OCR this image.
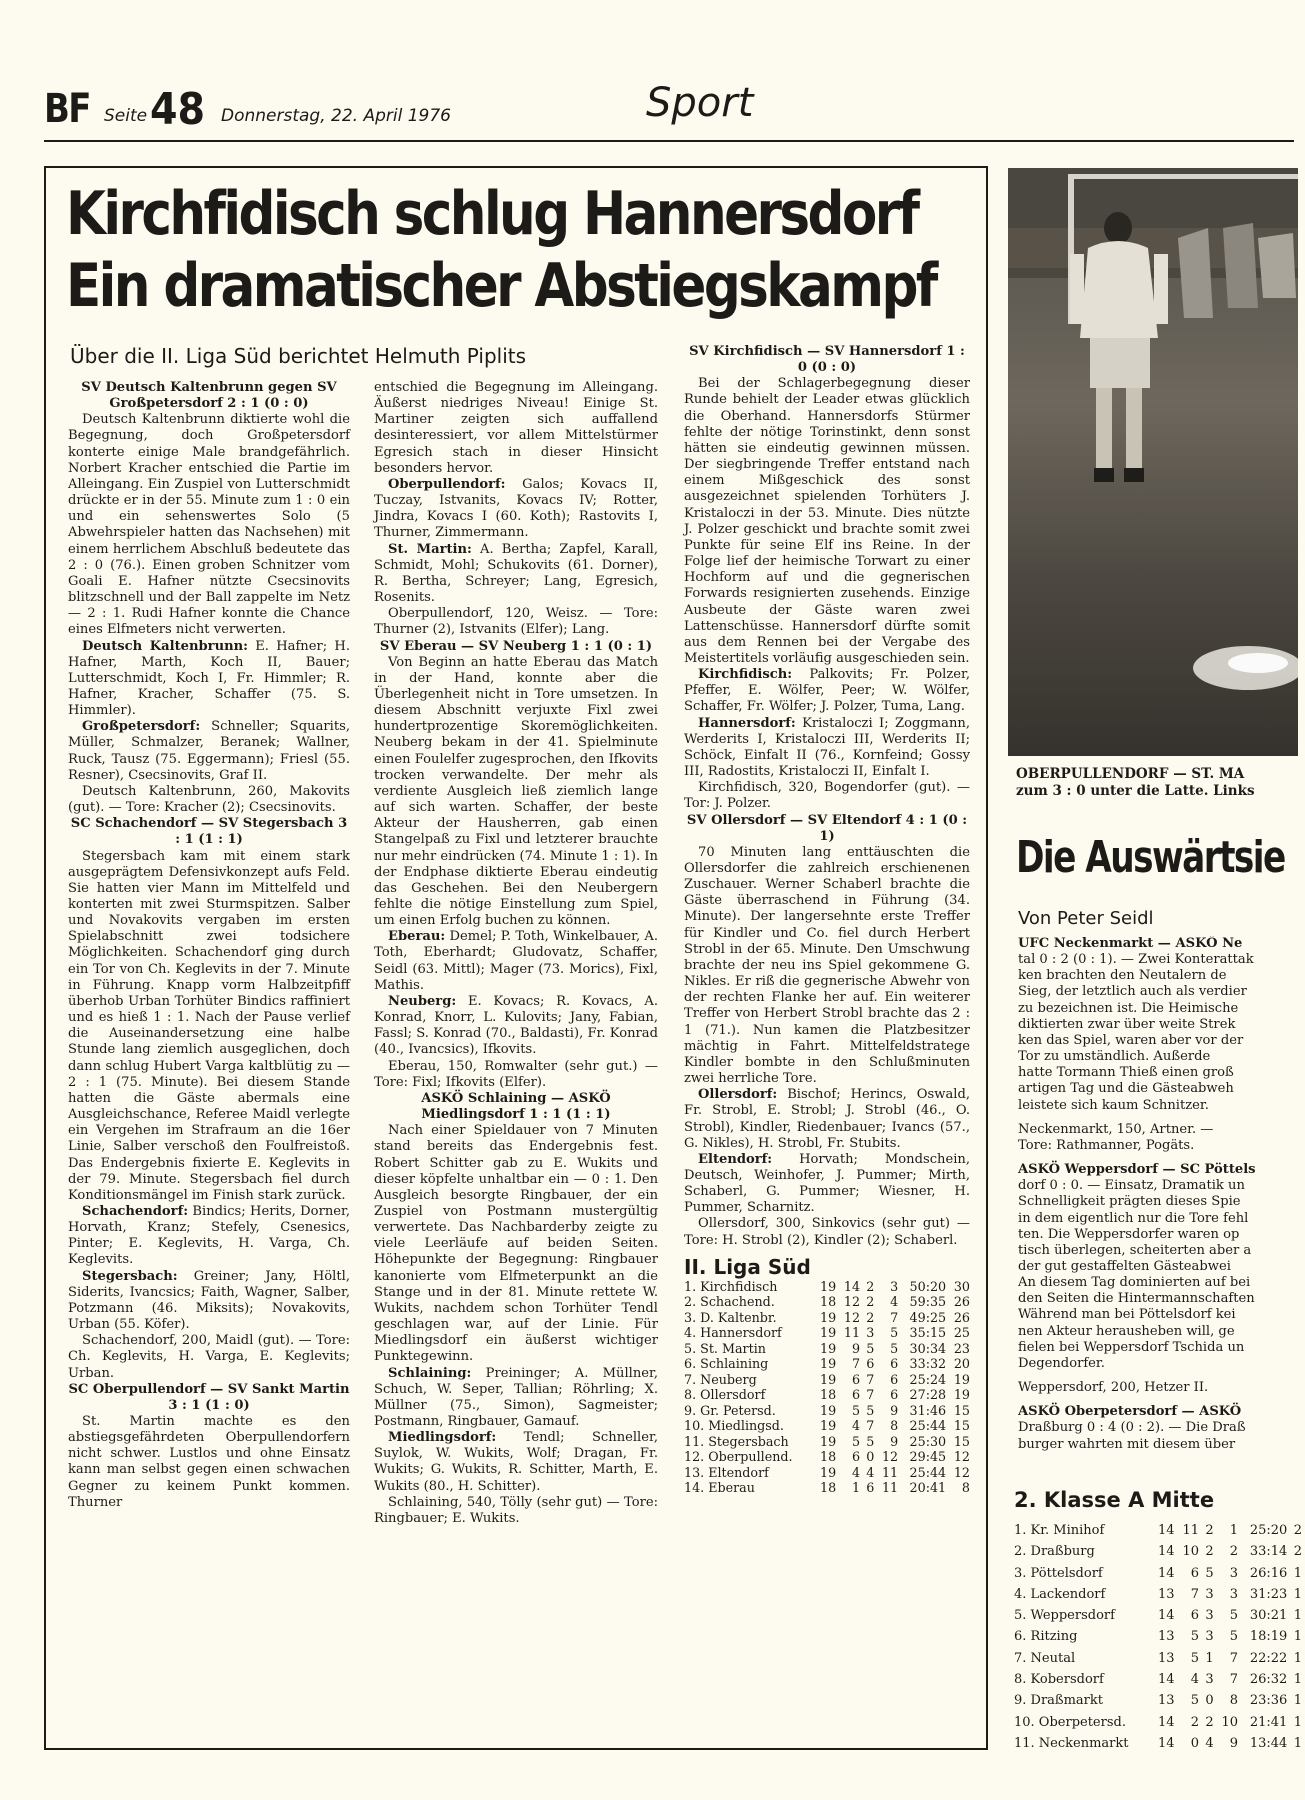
BF Seite 48 Donnerstag, 22. April 1976	Sport
Kirchfidisch schlug Hannersdorf
Ein dramatischer Abstiegskampf
Über die II. Liga Süd berichtet Helmuth Piplits

SV Deutsch Kaltenbrunn gegen SV Großpetersdorf 2 : 1 (0 : 0)

Deutsch Kaltenbrunn diktierte wohl die Begegnung, doch Großpetersdorf konterte einige Male brandgefährlich. Norbert Kracher entschied die Partie im Alleingang. Ein Zuspiel von Lutterschmidt drückte er in der 55. Minute zum 1 : 0 ein und ein sehenswertes Solo (5 Abwehrspieler hatten das Nachsehen) mit einem herrlichem Abschluß bedeutete das 2 : 0 (76.). Einen groben Schnitzer vom Goali E. Hafner nützte Csecsinovits blitzschnell und der Ball zappelte im Netz — 2 : 1. Rudi Hafner konnte die Chance eines Elfmeters nicht verwerten.

Deutsch Kaltenbrunn: E. Hafner; H. Hafner, Marth, Koch II, Bauer; Lutterschmidt, Koch I, Fr. Himmler; R. Hafner, Kracher, Schaffer (75. S. Himmler).

Großpetersdorf: Schneller; Squarits, Müller, Schmalzer, Beranek; Wallner, Ruck, Tausz (75. Eggermann); Friesl (55. Resner), Csecsinovits, Graf II.

Deutsch Kaltenbrunn, 260, Makovits (gut). — Tore: Kracher (2); Csecsinovits.

SC Schachendorf — SV Stegersbach 3 : 1 (1 : 1)

Stegersbach kam mit einem stark ausgeprägtem Defensivkonzept aufs Feld. Sie hatten vier Mann im Mittelfeld und konterten mit zwei Sturmspitzen. Salber und Novakovits vergaben im ersten Spielabschnitt zwei todsichere Möglichkeiten. Schachendorf ging durch ein Tor von Ch. Keglevits in der 7. Minute in Führung. Knapp vorm Halbzeitpfiff überhob Urban Torhüter Bindics raffiniert und es hieß 1 : 1. Nach der Pause verlief die Auseinandersetzung eine halbe Stunde lang ziemlich ausgeglichen, doch dann schlug Hubert Varga kaltblütig zu — 2 : 1 (75. Minute). Bei diesem Stande hatten die Gäste abermals eine Ausgleichschance, Referee Maidl verlegte ein Vergehen im Strafraum an die 16er Linie, Salber verschoß den Foulfreistoß. Das Endergebnis fixierte E. Keglevits in der 79. Minute. Stegersbach fiel durch Konditionsmängel im Finish stark zurück.

Schachendorf: Bindics; Herits, Dorner, Horvath, Kranz; Stefely, Csenesics, Pinter; E. Keglevits, H. Varga, Ch. Keglevits.

Stegersbach: Greiner; Jany, Höltl, Siderits, Ivancsics; Faith, Wagner, Salber, Potzmann (46. Miksits); Novakovits, Urban (55. Köfer).

Schachendorf, 200, Maidl (gut). — Tore: Ch. Keglevits, H. Varga, E. Keglevits; Urban.

SC Oberpullendorf — SV Sankt Martin 3 : 1 (1 : 0)

St. Martin machte es den abstiegsgefährdeten Oberpullendorfern nicht schwer. Lustlos und ohne Einsatz kann man selbst gegen einen schwachen Gegner zu keinem Punkt kommen. Thurner

entschied die Begegnung im Alleingang. Äußerst niedriges Niveau! Einige St. Martiner zeigten sich auffallend desinteressiert, vor allem Mittelstürmer Egresich stach in dieser Hinsicht besonders hervor.

Oberpullendorf: Galos; Kovacs II, Tuczay, Istvanits, Kovacs IV; Rotter, Jindra, Kovacs I (60. Koth); Rastovits I, Thurner, Zimmermann.

St. Martin: A. Bertha; Zapfel, Karall, Schmidt, Mohl; Schukovits (61. Dorner), R. Bertha, Schreyer; Lang, Egresich, Rosenits.

Oberpullendorf, 120, Weisz. — Tore: Thurner (2), Istvanits (Elfer); Lang.

SV Eberau — SV Neuberg 1 : 1 (0 : 1)

Von Beginn an hatte Eberau das Match in der Hand, konnte aber die Überlegenheit nicht in Tore umsetzen. In diesem Abschnitt verjuxte Fixl zwei hundertprozentige Skoremöglichkeiten. Neuberg bekam in der 41. Spielminute einen Foulelfer zugesprochen, den Ifkovits trocken verwandelte. Der mehr als verdiente Ausgleich ließ ziemlich lange auf sich warten. Schaffer, der beste Akteur der Hausherren, gab einen Stangelpaß zu Fixl und letzterer brauchte nur mehr eindrücken (74. Minute 1 : 1). In der Endphase diktierte Eberau eindeutig das Geschehen. Bei den Neubergern fehlte die nötige Einstellung zum Spiel, um einen Erfolg buchen zu können.

Eberau: Demel; P. Toth, Winkelbauer, A. Toth, Eberhardt; Gludovatz, Schaffer, Seidl (63. Mittl); Mager (73. Morics), Fixl, Mathis.

Neuberg: E. Kovacs; R. Kovacs, A. Konrad, Knorr, L. Kulovits; Jany, Fabian, Fassl; S. Konrad (70., Baldasti), Fr. Konrad (40., Ivancsics), Ifkovits.

Eberau, 150, Romwalter (sehr gut.) — Tore: Fixl; Ifkovits (Elfer).

ASKÖ Schlaining — ASKÖ Miedlingsdorf 1 : 1 (1 : 1)

Nach einer Spieldauer von 7 Minuten stand bereits das Endergebnis fest. Robert Schitter gab zu E. Wukits und dieser köpfelte unhaltbar ein — 0 : 1. Den Ausgleich besorgte Ringbauer, der ein Zuspiel von Postmann mustergültig verwertete. Das Nachbarderby zeigte zu viele Leerläufe auf beiden Seiten. Höhepunkte der Begegnung: Ringbauer kanonierte vom Elfmeterpunkt an die Stange und in der 81. Minute rettete W. Wukits, nachdem schon Torhüter Tendl geschlagen war, auf der Linie. Für Miedlingsdorf ein äußerst wichtiger Punktegewinn.

Schlaining: Preininger; A. Müllner, Schuch, W. Seper, Tallian; Röhrling; X. Müllner (75., Simon), Sagmeister; Postmann, Ringbauer, Gamauf.

Miedlingsdorf: Tendl; Schneller, Suylok, W. Wukits, Wolf; Dragan, Fr. Wukits; G. Wukits, R. Schitter, Marth, E. Wukits (80., H. Schitter).

Schlaining, 540, Tölly (sehr gut) — Tore: Ringbauer; E. Wukits.

SV Kirchfidisch — SV Hannersdorf 1 : 0 (0 : 0)

Bei der Schlagerbegegnung dieser Runde behielt der Leader etwas glücklich die Oberhand. Hannersdorfs Stürmer fehlte der nötige Torinstinkt, denn sonst hätten sie eindeutig gewinnen müssen. Der siegbringende Treffer entstand nach einem Mißgeschick des sonst ausgezeichnet spielenden Torhüters J. Kristaloczi in der 53. Minute. Dies nützte J. Polzer geschickt und brachte somit zwei Punkte für seine Elf ins Reine. In der Folge lief der heimische Torwart zu einer Hochform auf und die gegnerischen Forwards resignierten zusehends. Einzige Ausbeute der Gäste waren zwei Lattenschüsse. Hannersdorf dürfte somit aus dem Rennen bei der Vergabe des Meistertitels vorläufig ausgeschieden sein.

Kirchfidisch: Palkovits; Fr. Polzer, Pfeffer, E. Wölfer, Peer; W. Wölfer, Schaffer, Fr. Wölfer; J. Polzer, Tuma, Lang.

Hannersdorf: Kristaloczi I; Zoggmann, Werderits I, Kristaloczi III, Werderits II; Schöck, Einfalt II (76., Kornfeind; Gossy III, Radostits, Kristaloczi II, Einfalt I.

Kirchfidisch, 320, Bogendorfer (gut). — Tor: J. Polzer.

SV Ollersdorf — SV Eltendorf 4 : 1 (0 : 1)

70 Minuten lang enttäuschten die Ollersdorfer die zahlreich erschienenen Zuschauer. Werner Schaberl brachte die Gäste überraschend in Führung (34. Minute). Der langersehnte erste Treffer für Kindler und Co. fiel durch Herbert Strobl in der 65. Minute. Den Umschwung brachte der neu ins Spiel gekommene G. Nikles. Er riß die gegnerische Abwehr von der rechten Flanke her auf. Ein weiterer Treffer von Herbert Strobl brachte das 2 : 1 (71.). Nun kamen die Platzbesitzer mächtig in Fahrt. Mittelfeldstratege Kindler bombte in den Schlußminuten zwei herrliche Tore.

Ollersdorf: Bischof; Herincs, Oswald, Fr. Strobl, E. Strobl; J. Strobl (46., O. Strobl), Kindler, Riedenbauer; Ivancs (57., G. Nikles), H. Strobl, Fr. Stubits.

Eltendorf: Horvath; Mondschein, Deutsch, Weinhofer, J. Pummer; Mirth, Schaberl, G. Pummer; Wiesner, H. Pummer, Scharnitz.

Ollersdorf, 300, Sinkovics (sehr gut) — Tore: H. Strobl (2), Kindler (2); Schaberl.

II. Liga Süd
1. Kirchfidisch	19	14	2	3	50:20	30
2. Schachend.	18	12	2	4	59:35	26
3. D. Kaltenbr.	19	12	2	7	49:25	26
4. Hannersdorf	19	11	3	5	35:15	25
5. St. Martin	19	9	5	5	30:34	23
6. Schlaining	19	7	6	6	33:32	20
7. Neuberg	19	6	7	6	25:24	19
8. Ollersdorf	18	6	7	6	27:28	19
9. Gr. Petersd.	19	5	5	9	31:46	15
10. Miedlingsd.	19	4	7	8	25:44	15
11. Stegersbach	19	5	5	9	25:30	15
12. Oberpullend.	18	6	0	12	29:45	12
13. Eltendorf	19	4	4	11	25:44	12
14. Eberau	18	1	6	11	20:41	8
OBERPULLENDORF — ST. MA
zum 3 : 0 unter die Latte. Links
Die Auswärtsie
Von Peter Seidl

UFC Neckenmarkt — ASKÖ Ne

tal 0 : 2 (0 : 1). — Zwei Konterattak

ken brachten den Neutalern de

Sieg, der letztlich auch als verdier

zu bezeichnen ist. Die Heimische

diktierten zwar über weite Strek

ken das Spiel, waren aber vor der

Tor zu umständlich. Außerde

hatte Tormann Thieß einen groß

artigen Tag und die Gästeabweh

leistete sich kaum Schnitzer.

Neckenmarkt, 150, Artner. —

Tore: Rathmanner, Pogäts.

ASKÖ Weppersdorf — SC Pöttels

dorf 0 : 0. — Einsatz, Dramatik un

Schnelligkeit prägten dieses Spie

in dem eigentlich nur die Tore fehl

ten. Die Weppersdorfer waren op

tisch überlegen, scheiterten aber a

der gut gestaffelten Gästeabwei

An diesem Tag dominierten auf bei

den Seiten die Hintermannschaften

Während man bei Pöttelsdorf kei

nen Akteur herausheben will, ge

fielen bei Weppersdorf Tschida un

Degendorfer.

Weppersdorf, 200, Hetzer II.

ASKÖ Oberpetersdorf — ASKÖ

Draßburg 0 : 4 (0 : 2). — Die Draß

burger wahrten mit diesem über

2. Klasse A Mitte
1. Kr. Minihof	14	11	2	1	25:20	2
2. Draßburg	14	10	2	2	33:14	2
3. Pöttelsdorf	14	6	5	3	26:16	1
4. Lackendorf	13	7	3	3	31:23	1
5. Weppersdorf	14	6	3	5	30:21	1
6. Ritzing	13	5	3	5	18:19	1
7. Neutal	13	5	1	7	22:22	1
8. Kobersdorf	14	4	3	7	26:32	1
9. Draßmarkt	13	5	0	8	23:36	1
10. Oberpetersd.	14	2	2	10	21:41	1
11. Neckenmarkt	14	0	4	9	13:44	1
